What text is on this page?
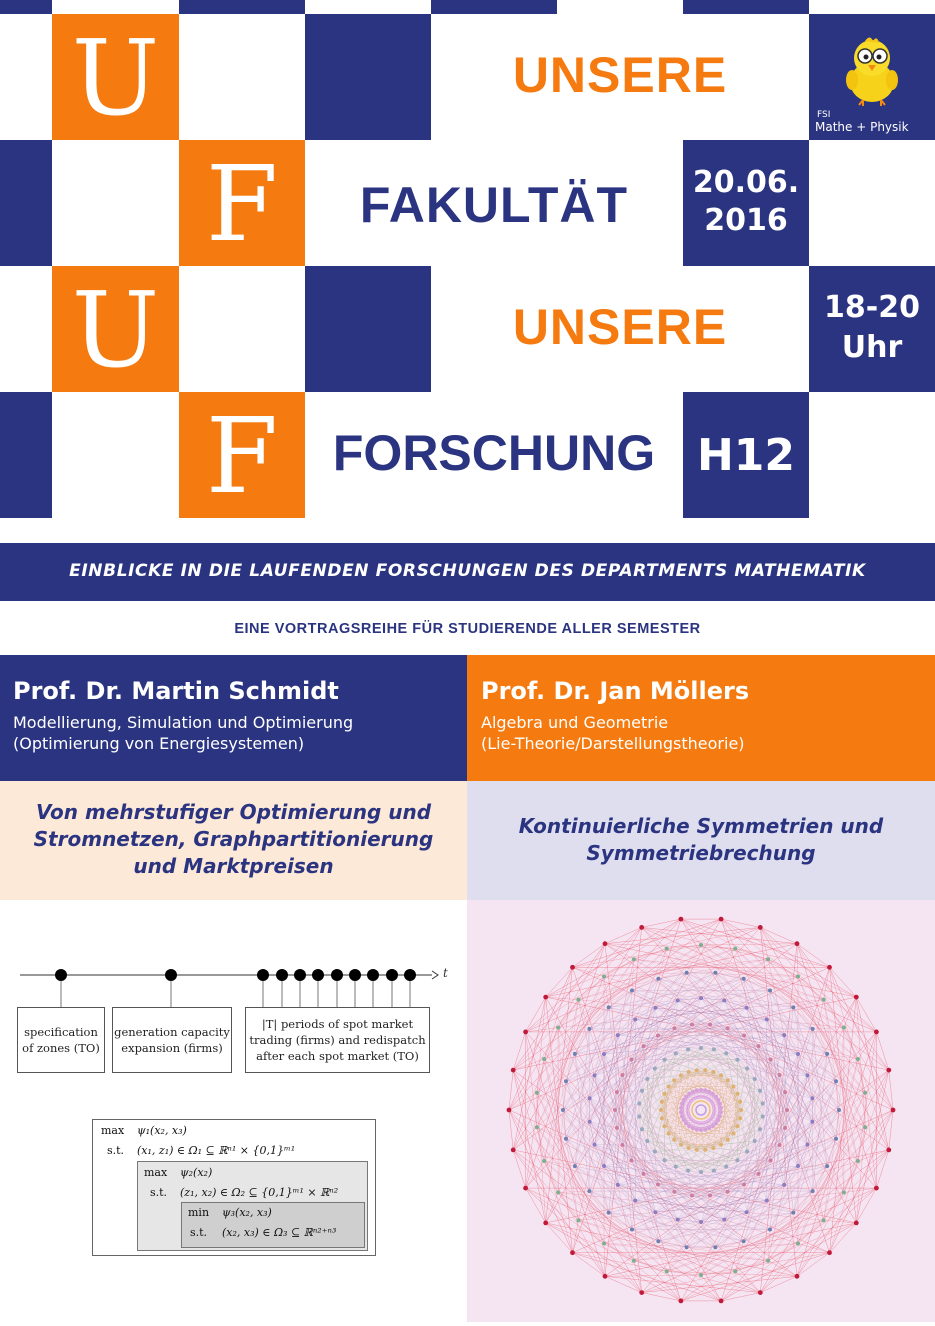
U
F
U
F
UNSERE
FAKULTÄT
UNSERE
FORSCHUNG
20.06.
2016
18-20
Uhr
H12
FSI
Mathe + Physik
EINBLICKE IN DIE LAUFENDEN FORSCHUNGEN DES DEPARTMENTS MATHEMATIK
EINE VORTRAGSREIHE FÜR STUDIERENDE ALLER SEMESTER
Prof. Dr. Martin Schmidt
Modellierung, Simulation und Optimierung
(Optimierung von Energiesystemen)
Prof. Dr. Jan Möllers
Algebra und Geometrie
(Lie-Theorie/Darstellungstheorie)
Von mehrstufiger Optimierung und
Stromnetzen, Graphpartitionierung
und Marktpreisen
Kontinuierliche Symmetrien und
Symmetriebrechung
t
specification
of zones (TO)
generation capacity
expansion (firms)
|T| periods of spot market
trading (firms) and redispatch
after each spot market (TO)
max ψ₁(x₂, x₃)
s.t. (x₁, z₁) ∈ Ω₁ ⊆ ℝⁿ¹ × {0,1}ᵐ¹
max ψ₂(x₂)
s.t. (z₁, x₂) ∈ Ω₂ ⊆ {0,1}ᵐ¹ × ℝⁿ²
min ψ₃(x₂, x₃)
s.t. (x₂, x₃) ∈ Ω₃ ⊆ ℝⁿ²⁺ⁿ³
